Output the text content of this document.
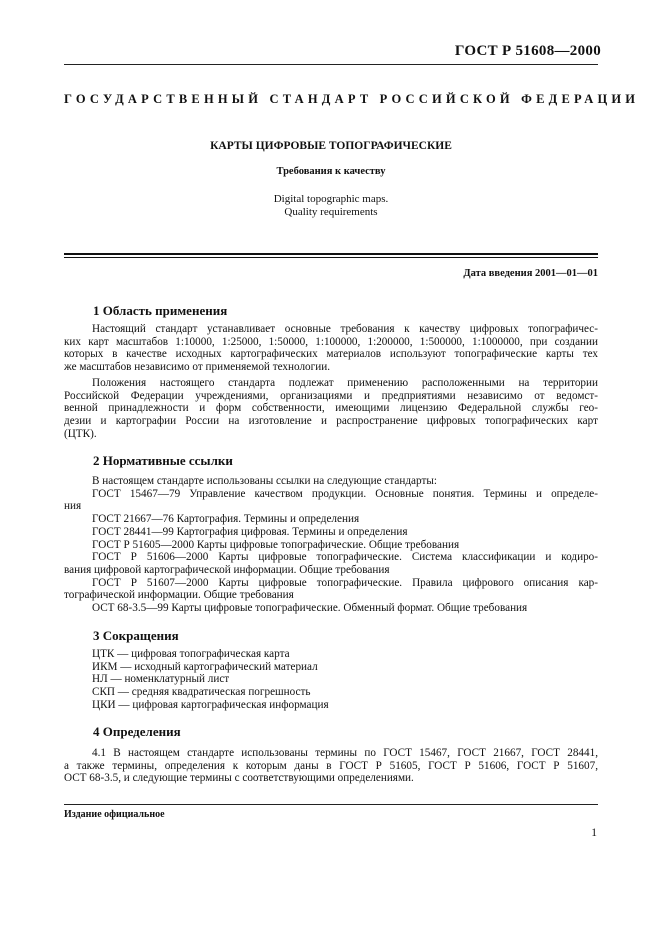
ГОСТ Р 51608—2000
ГОСУДАРСТВЕННЫЙ СТАНДАРТ РОССИЙСКОЙ ФЕДЕРАЦИИ
КАРТЫ ЦИФРОВЫЕ ТОПОГРАФИЧЕСКИЕ
Требования к качеству
Digital topographic maps.
Quality requirements
Дата введения 2001—01—01
1 Область применения
Настоящий стандарт устанавливает основные требования к качеству цифровых топографичес-
ких карт масштабов 1:10000, 1:25000, 1:50000, 1:100000, 1:200000, 1:500000, 1:1000000, при создании
которых в качестве исходных картографических материалов используют топографические карты тех
же масштабов независимо от применяемой технологии.
Положения настоящего стандарта подлежат применению расположенными на территории
Российской Федерации учреждениями, организациями и предприятиями независимо от ведомст-
венной принадлежности и форм собственности, имеющими лицензию Федеральной службы гео-
дезии и картографии России на изготовление и распространение цифровых топографических карт
(ЦТК).
2 Нормативные ссылки
В настоящем стандарте использованы ссылки на следующие стандарты:
ГОСТ 15467—79 Управление качеством продукции. Основные понятия. Термины и определе-
ния
ГОСТ 21667—76 Картография. Термины и определения
ГОСТ 28441—99 Картография цифровая. Термины и определения
ГОСТ Р 51605—2000 Карты цифровые топографические. Общие требования
ГОСТ Р 51606—2000 Карты цифровые топографические. Система классификации и кодиро-
вания цифровой картографической информации. Общие требования
ГОСТ Р 51607—2000 Карты цифровые топографические. Правила цифрового описания кар-
тографической информации. Общие требования
ОСТ 68-3.5—99 Карты цифровые топографические. Обменный формат. Общие требования
3 Сокращения
ЦТК — цифровая топографическая карта
ИКМ — исходный картографический материал
НЛ — номенклатурный лист
СКП — средняя квадратическая погрешность
ЦКИ — цифровая картографическая информация
4 Определения
4.1 В настоящем стандарте использованы термины по ГОСТ 15467, ГОСТ 21667, ГОСТ 28441,
а также термины, определения к которым даны в ГОСТ Р 51605, ГОСТ Р 51606, ГОСТ Р 51607,
ОСТ 68-3.5, и следующие термины с соответствующими определениями.
Издание официальное
1
